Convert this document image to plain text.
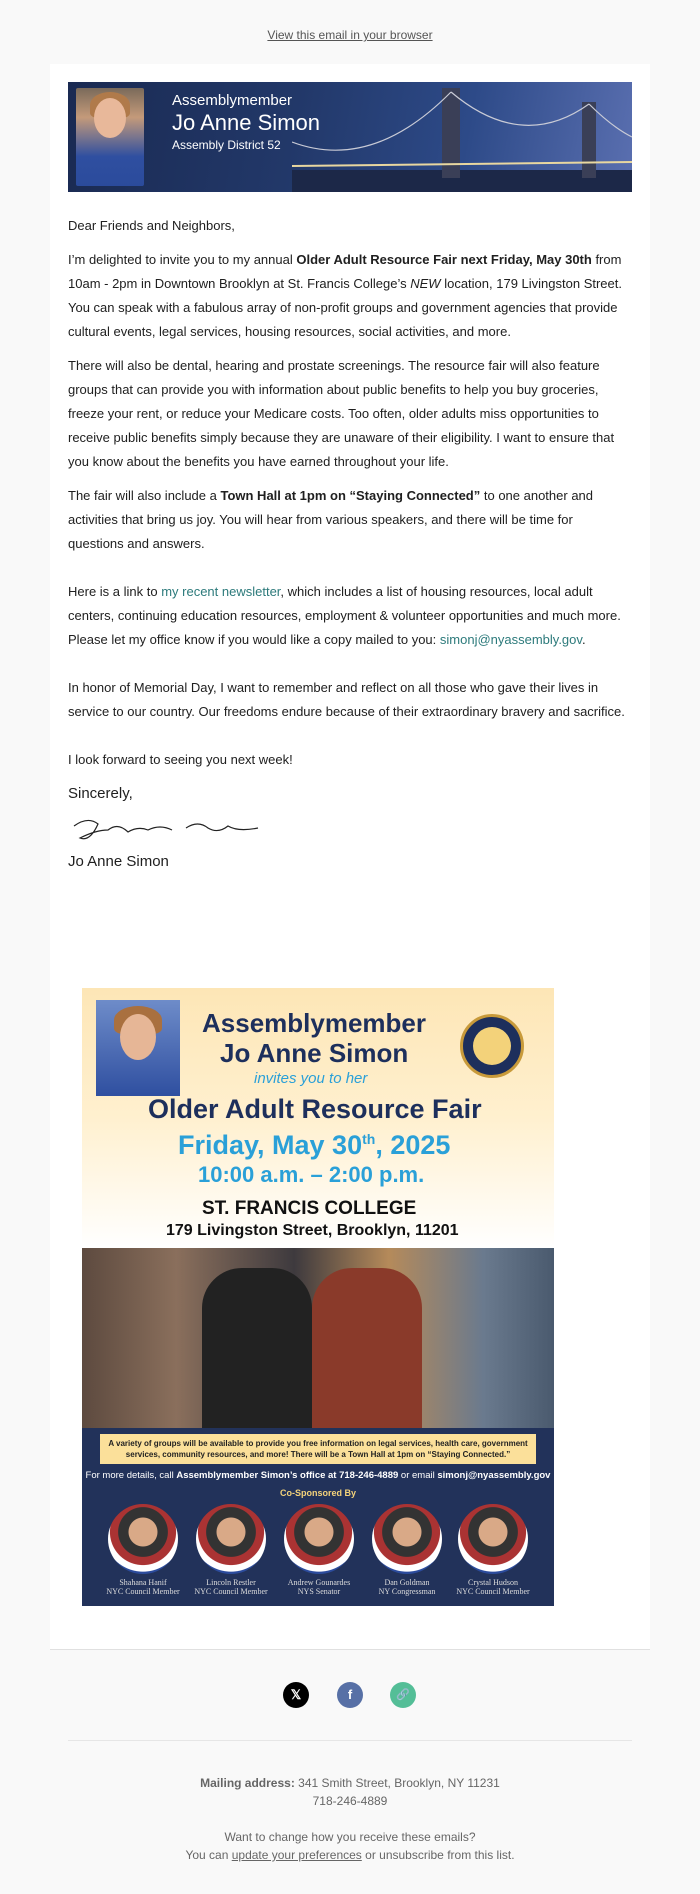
View this email in your browser
Assemblymember
Jo Anne Simon
Assembly District 52

Dear Friends and Neighbors,

I’m delighted to invite you to my annual Older Adult Resource Fair next Friday, May 30th from 10am - 2pm in Downtown Brooklyn at St. Francis College’s NEW location, 179 Livingston Street. You can speak with a fabulous array of non-profit groups and government agencies that provide cultural events, legal services, housing resources, social activities, and more.

There will also be dental, hearing and prostate screenings. The resource fair will also feature groups that can provide you with information about public benefits to help you buy groceries, freeze your rent, or reduce your Medicare costs. Too often, older adults miss opportunities to receive public benefits simply because they are unaware of their eligibility. I want to ensure that you know about the benefits you have earned throughout your life.

The fair will also include a Town Hall at 1pm on “Staying Connected” to one another and activities that bring us joy. You will hear from various speakers, and there will be time for questions and answers.

Here is a link to my recent newsletter, which includes a list of housing resources, local adult centers, continuing education resources, employment & volunteer opportunities and much more. Please let my office know if you would like a copy mailed to you: simonj@nyassembly.gov.

In honor of Memorial Day, I want to remember and reflect on all those who gave their lives in service to our country. Our freedoms endure because of their extraordinary bravery and sacrifice.

I look forward to seeing you next week!

Sincerely,
Jo Anne Simon
Assemblymember
Jo Anne Simon
invites you to her
Older Adult Resource Fair
Friday, May 30th, 2025
10:00 a.m. – 2:00 p.m.
ST. FRANCIS COLLEGE
179 Livingston Street, Brooklyn, 11201
A variety of groups will be available to provide you free information on legal services, health care, government services, community resources, and more! There will be a Town Hall at 1pm on “Staying Connected.”
For more details, call Assemblymember Simon’s office at 718-246-4889 or email simonj@nyassembly.gov
Co-Sponsored By
Shahana Hanif
NYC Council Member
Lincoln Restler
NYC Council Member
Andrew Gounardes
NYS Senator
Dan Goldman
NY Congressman
Crystal Hudson
NYC Council Member
𝕏	f	🔗
Mailing address: 341 Smith Street, Brooklyn, NY 11231
718-246-4889
Want to change how you receive these emails?
You can update your preferences or unsubscribe from this list.
